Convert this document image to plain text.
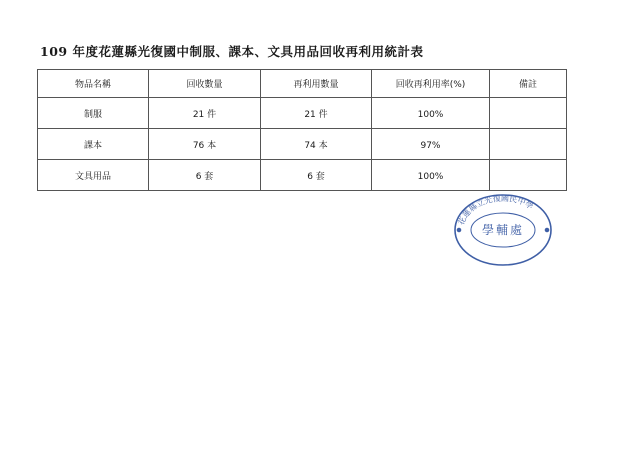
109 年度花蓮縣光復國中制服、課本、文具用品回收再利用統計表
物品名稱	回收數量	再利用數量	回收再利用率(%)	備註
制服	21 件	21 件	100%	
課本	76 本	74 本	97%	
文具用品	6 套	6 套	100%	
花蓮縣立光復國民中學
學輔處
